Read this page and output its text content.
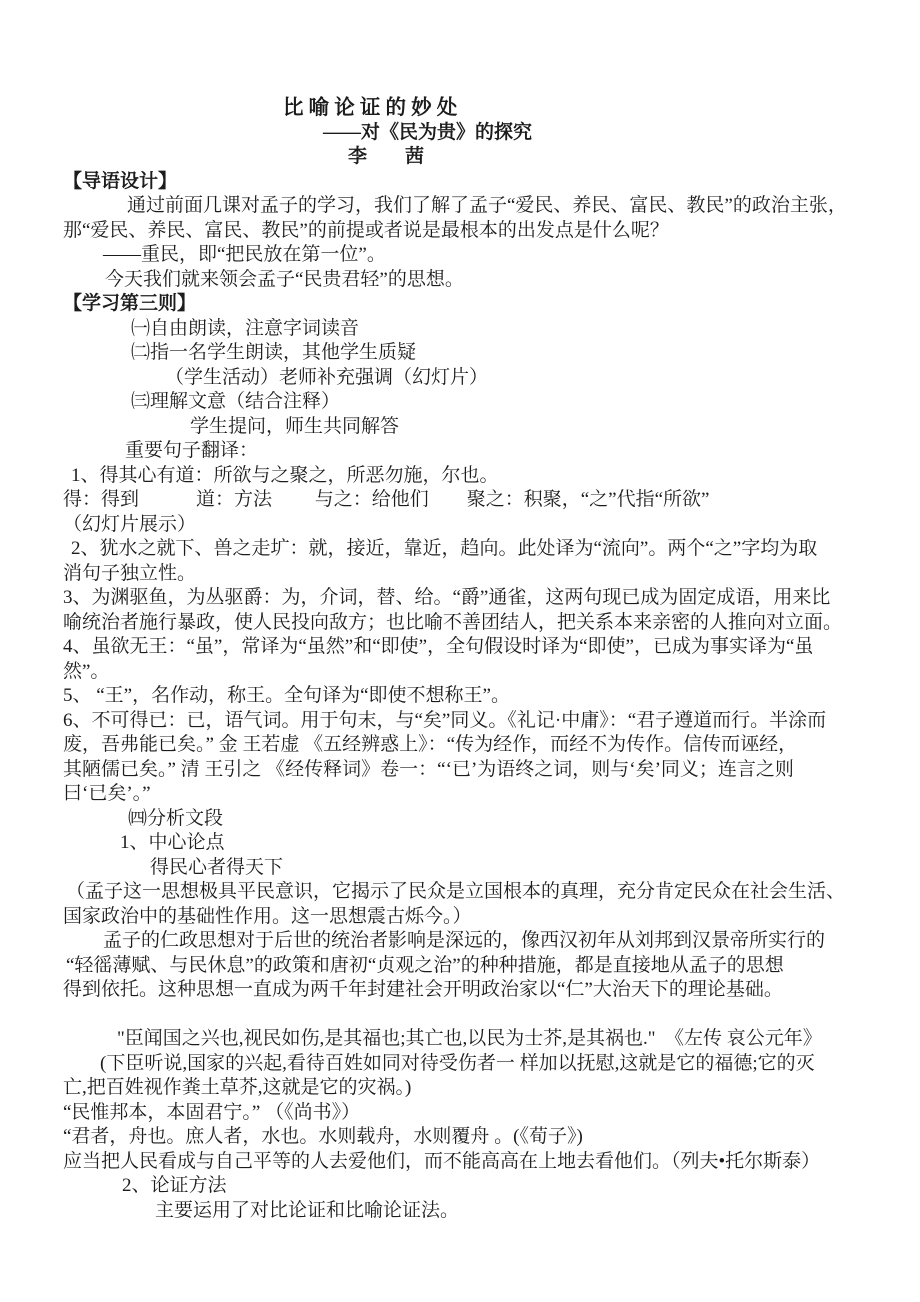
比 喻 论 证 的 妙 处
——对《民为贵》的探究
李　　茜
【导语设计】
通过前面几课对孟子的学习，我们了解了孟子“爱民、养民、富民、教民”的政治主张，
那“爱民、养民、富民、教民”的前提或者说是最根本的出发点是什么呢？
——重民，即“把民放在第一位”。
今天我们就来领会孟子“民贵君轻”的思想。
【学习第三则】
㈠自由朗读，注意字词读音
㈡指一名学生朗读，其他学生质疑
（学生活动）老师补充强调（幻灯片）
㈢理解文意（结合注释）
学生提问，师生共同解答
重要句子翻译：
1、得其心有道：所欲与之聚之，所恶勿施，尔也。
得：得到　　　道：方法　　 与之：给他们　　聚之：积聚，“之”代指“所欲”
（幻灯片展示）
2、犹水之就下、兽之走圹：就，接近，靠近，趋向。此处译为“流向”。两个“之”字均为取
消句子独立性。
3、为渊驱鱼，为丛驱爵：为，介词，替、给。“爵”通雀，这两句现已成为固定成语，用来比
喻统治者施行暴政，使人民投向敌方；也比喻不善团结人，把关系本来亲密的人推向对立面。
4、虽欲无王：“虽”，常译为“虽然”和“即使”，全句假设时译为“即使”，已成为事实译为“虽
然”。
5、 “王”，名作动，称王。全句译为“即使不想称王”。
6、不可得已：已，语气词。用于句末，与“矣”同义。《礼记·中庸》：“君子遵道而行。半涂而
废，吾弗能已矣。” 金 王若虚 《五经辨惑上》：“传为经作，而经不为传作。信传而诬经，
其陋儒已矣。” 清 王引之 《经传释词》卷一：“‘已’为语终之词，则与‘矣’同义；连言之则
曰‘已矣’。”
㈣分析文段
1、中心论点
得民心者得天下
（孟子这一思想极具平民意识，它揭示了民众是立国根本的真理，充分肯定民众在社会生活、
国家政治中的基础性作用。这一思想震古烁今。）
孟子的仁政思想对于后世的统治者影响是深远的，像西汉初年从刘邦到汉景帝所实行的
“轻徭薄赋、与民休息”的政策和唐初“贞观之治”的种种措施，都是直接地从孟子的思想
得到依托。这种思想一直成为两千年封建社会开明政治家以“仁”大治天下的理论基础。
"臣闻国之兴也,视民如伤,是其福也;其亡也,以民为士芥,是其祸也."  《左传 哀公元年》
(下臣听说,国家的兴起,看待百姓如同对待受伤者一 样加以抚慰,这就是它的福德;它的灭
亡,把百姓视作粪土草芥,这就是它的灾祸。)
“民惟邦本，本固君宁。” （《尚书》）
“君者，舟也。庶人者，水也。水则载舟，水则覆舟 。(《荀子》)
应当把人民看成与自己平等的人去爱他们，而不能高高在上地去看他们。（列夫•托尔斯泰）
2、论证方法
主要运用了对比论证和比喻论证法。
